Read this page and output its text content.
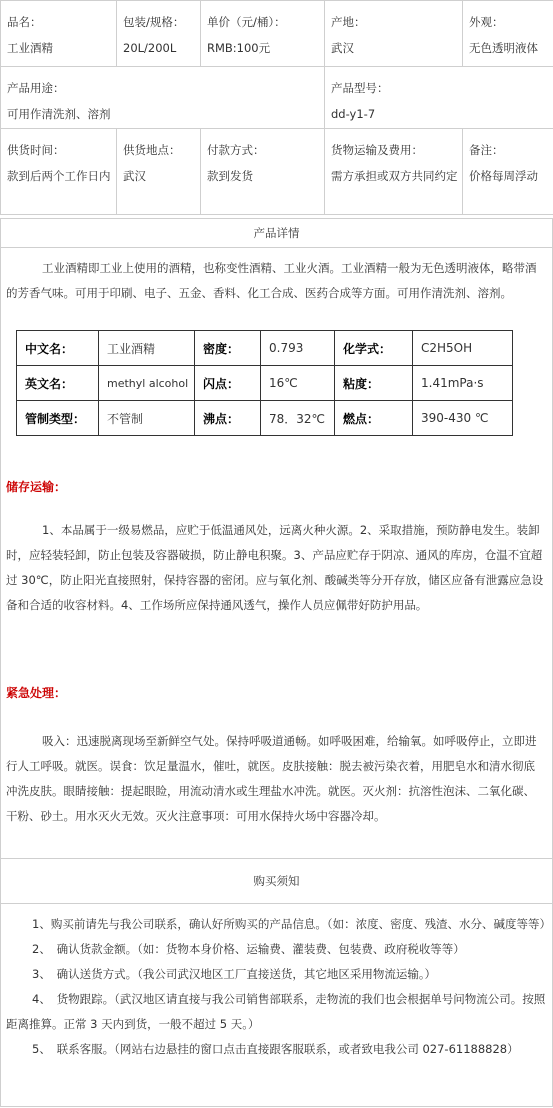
品名：
工业酒精	包装/规格：
20L/200L	单价（元/桶）：
RMB:100元	产地：
武汉	外观：
无色透明液体

产品用途：
可用作清洗剂、溶剂			产品型号：
dd-y1-7	

供货时间：
款到后两个工作日内	供货地点：
武汉	付款方式：
款到发货	货物运输及费用：
需方承担或双方共同约定	备注：
价格每周浮动
产品详情
工业酒精即工业上使用的酒精，也称变性酒精、工业火酒。工业酒精一般为无色透明液体，略带酒的芳香气味。可用于印刷、电子、五金、香料、化工合成、医药合成等方面。可用作清洗剂、溶剂。
中文名：	工业酒精	密度：	0.793	化学式：	C2H5OH
英文名：	methyl alcohol	闪点：	16℃	粘度：	1.41mPa·s
管制类型：	不管制	沸点：	78．32℃	燃点：	390-430 ℃
储存运输：
1、本品属于一级易燃品，应贮于低温通风处，远离火种火源。2、采取措施，预防静电发生。装卸时，应轻装轻卸，防止包装及容器破损，防止静电积聚。3、产品应贮存于阴凉、通风的库房，仓温不宜超过 30℃，防止阳光直接照射，保持容器的密闭。应与氧化剂、酸碱类等分开存放，储区应备有泄露应急设备和合适的收容材料。4、工作场所应保持通风透气，操作人员应佩带好防护用品。
紧急处理：
吸入：迅速脱离现场至新鲜空气处。保持呼吸道通畅。如呼吸困难，给输氧。如呼吸停止，立即进行人工呼吸。就医。误食：饮足量温水，催吐，就医。皮肤接触：脱去被污染衣着，用肥皂水和清水彻底冲洗皮肤。眼睛接触：提起眼睑，用流动清水或生理盐水冲洗。就医。灭火剂：抗溶性泡沫、二氧化碳、干粉、砂土。用水灭火无效。灭火注意事项：可用水保持火场中容器冷却。
购买须知

1、购买前请先与我公司联系，确认好所购买的产品信息。（如：浓度、密度、残渣、水分、碱度等等）

2、　确认货款金额。（如：货物本身价格、运输费、灌装费、包装费、政府税收等等）

3、　确认送货方式。（我公司武汉地区工厂直接送货，其它地区采用物流运输。）

4、　货物跟踪。（武汉地区请直接与我公司销售部联系，走物流的我们也会根据单号问物流公司。按照距离推算。正常 3 天内到货，一般不超过 5 天。）

5、　联系客服。（网站右边悬挂的窗口点击直接跟客服联系，或者致电我公司 027-61188828）
